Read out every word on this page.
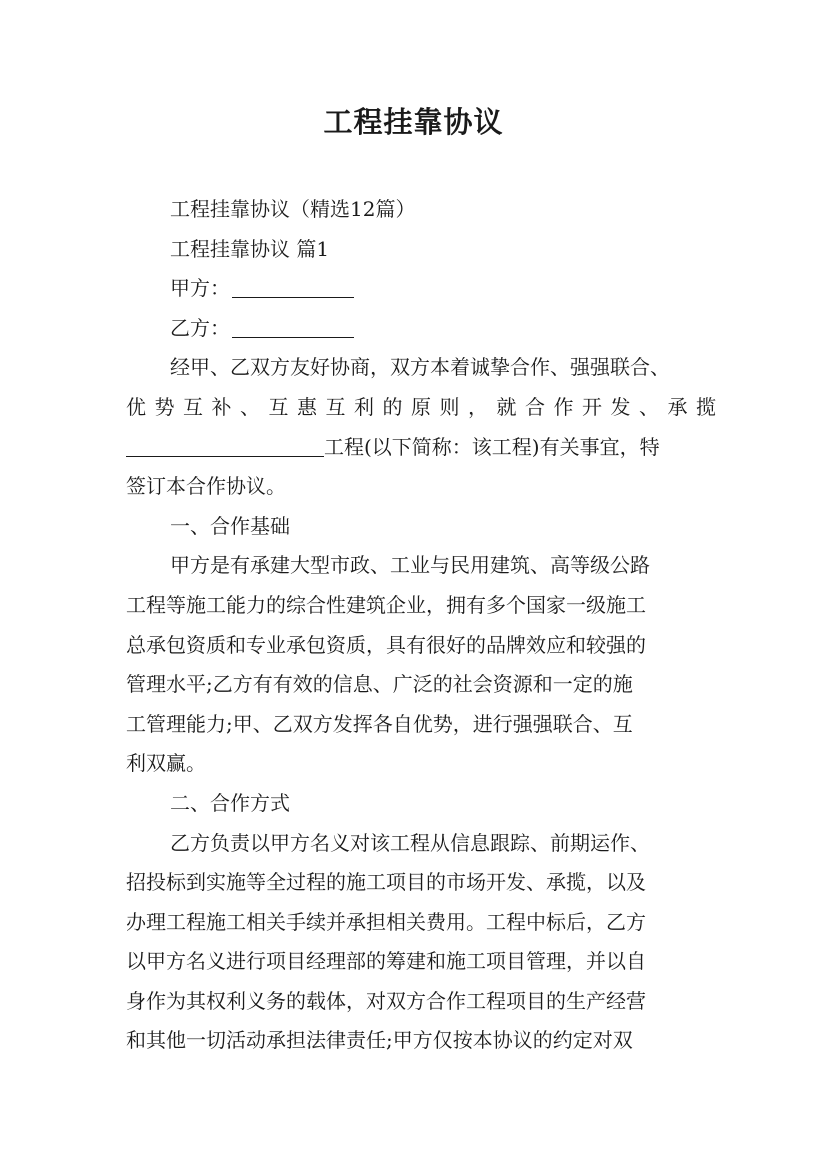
工程挂靠协议
工程挂靠协议（精选12篇）
工程挂靠协议 篇1
甲方：
乙方：
经甲、乙双方友好协商，双方本着诚挚合作、强强联合、
优 势 互 补 、 互 惠 互 利 的 原 则 ， 就 合 作 开 发 、 承 揽
工程(以下简称：该工程)有关事宜，特
签订本合作协议。
一、合作基础
甲方是有承建大型市政、工业与民用建筑、高等级公路
工程等施工能力的综合性建筑企业，拥有多个国家一级施工
总承包资质和专业承包资质，具有很好的品牌效应和较强的
管理水平;乙方有有效的信息、广泛的社会资源和一定的施
工管理能力;甲、乙双方发挥各自优势，进行强强联合、互
利双赢。
二、合作方式
乙方负责以甲方名义对该工程从信息跟踪、前期运作、
招投标到实施等全过程的施工项目的市场开发、承揽，以及
办理工程施工相关手续并承担相关费用。工程中标后，乙方
以甲方名义进行项目经理部的筹建和施工项目管理，并以自
身作为其权利义务的载体，对双方合作工程项目的生产经营
和其他一切活动承担法律责任;甲方仅按本协议的约定对双
